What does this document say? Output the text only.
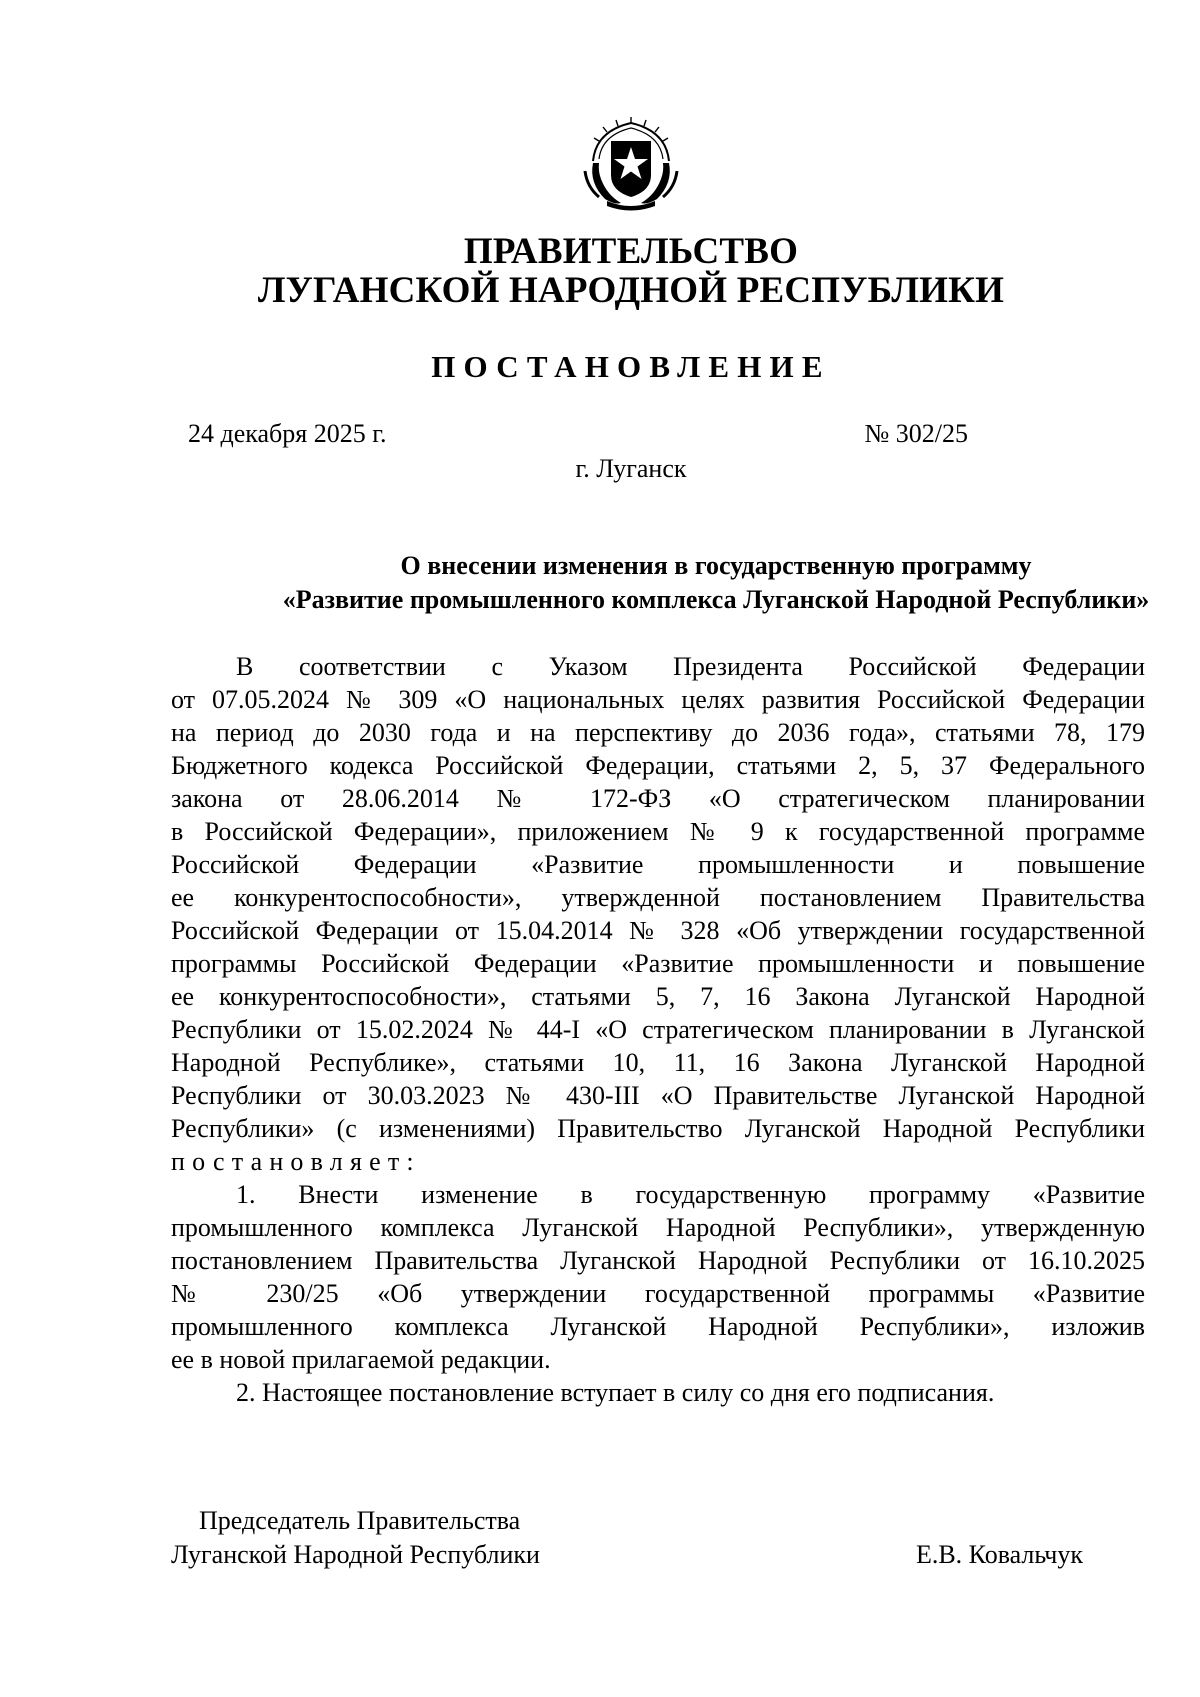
ПРАВИТЕЛЬСТВО
ЛУГАНСКОЙ НАРОДНОЙ РЕСПУБЛИКИ
ПОСТАНОВЛЕНИЕ
24 декабря 2025 г.	№ 302/25
г. Луганск
О внесении изменения в государственную программу
«Развитие промышленного комплекса Луганской Народной Республики»
В соответствии с Указом Президента Российской Федерации
от 07.05.2024 № 309 «О национальных целях развития Российской Федерации
на период до 2030 года и на перспективу до 2036 года», статьями 78, 179
Бюджетного кодекса Российской Федерации, статьями 2, 5, 37 Федерального
закона от 28.06.2014 № 172-ФЗ «О стратегическом планировании
в Российской Федерации», приложением № 9 к государственной программе
Российской Федерации «Развитие промышленности и повышение
ее конкурентоспособности», утвержденной постановлением Правительства
Российской Федерации от 15.04.2014 № 328 «Об утверждении государственной
программы Российской Федерации «Развитие промышленности и повышение
ее конкурентоспособности», статьями 5, 7, 16 Закона Луганской Народной
Республики от 15.02.2024 № 44-I «О стратегическом планировании в Луганской
Народной Республике», статьями 10, 11, 16 Закона Луганской Народной
Республики от 30.03.2023 № 430-III «О Правительстве Луганской Народной
Республики» (с изменениями) Правительство Луганской Народной Республики
постановляет:
1. Внести изменение в государственную программу «Развитие
промышленного комплекса Луганской Народной Республики», утвержденную
постановлением Правительства Луганской Народной Республики от 16.10.2025
№ 230/25 «Об утверждении государственной программы «Развитие
промышленного комплекса Луганской Народной Республики», изложив
ее в новой прилагаемой редакции.
2. Настоящее постановление вступает в силу со дня его подписания.
Председатель Правительства
Луганской Народной Республики	Е.В. Ковальчук
